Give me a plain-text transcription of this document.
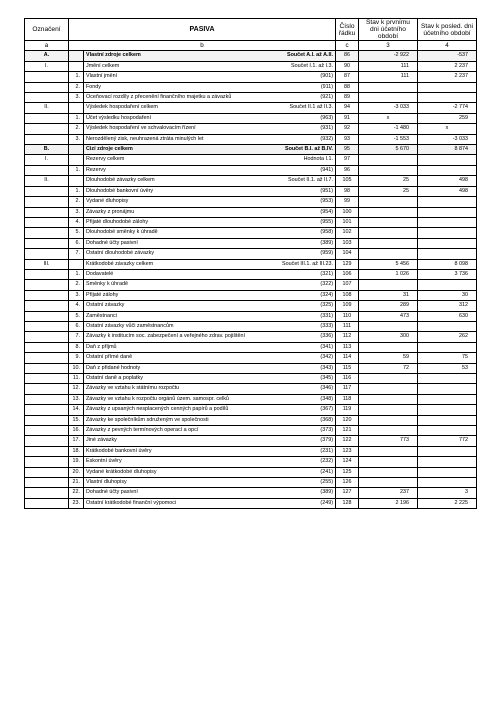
Označení	PASIVA		Číslo řádku	Stav k prvnímu dni účetního období	Stav k posled. dni účetního období
a	b		c	3	4
A.		Vlastní zdroje celkem Součet A.I. až A.II.	86	-2 922	-537
I.		Jmění celkem Součet I.1. až I.3.	90	111	2 237
	1.	Vlastní jmění (901)	87	111	2 237
	2.	Fondy (911)	88		
	3.	Oceňovací rozdíly z přecenění finančního majetku a závazků (921)	89		
II.		Výsledek hospodaření celkem Součet II.1 až II.3.	94	-3 033	-2 774
	1.	Účet výsledku hospodaření (963)	91	x	259
	2.	Výsledek hospodaření ve schvalovacím řízení (931)	92	-1 480	x
	3.	Nerozdělený zisk, neuhrazená ztráta minulých let (932)	93	-1 553	-3 033
B.		Cizí zdroje celkem Součet B.I. až B.IV.	95	5 670	8 874
I.		Rezervy celkem Hodnota I.1.	97		
	1.	Rezervy (941)	96		
II.		Dlouhodobé závazky celkem Součet II.1. až II.7.	105	25	498
	1.	Dlouhodobé bankovní úvěry (951)	98	25	498
	2.	Vydané dluhopisy (953)	99		
	3.	Závazky z pronájmu (954)	100		
	4.	Přijaté dlouhodobé zálohy (955)	101		
	5.	Dlouhodobé směnky k úhradě (958)	102		
	6.	Dohadné účty pasivní (389)	103		
	7.	Ostatní dlouhodobé závazky (959)	104		
III.		Krátkodobé závazky celkem Součet III.1. až III.23.	129	5 456	8 098
	1.	Dodavatelé (321)	106	1 026	3 736
	2.	Směnky k úhradě (322)	107		
	3.	Přijaté zálohy (324)	108	31	30
	4.	Ostatní závazky (325)	109	289	312
	5.	Zaměstnanci (331)	110	473	630
	6.	Ostatní závazky vůči zaměstnancům (333)	111		
	7.	Závazky k institucím soc. zabezpečení a veřejného zdrav. pojištění (336)	112	300	262
	8.	Daň z příjmů (341)	113		
	9.	Ostatní přímé daně (342)	114	59	75
	10.	Daň z přidané hodnoty (343)	115	72	53
	11.	Ostatní daně a poplatky (345)	116		
	12.	Závazky ve vztahu k státnímu rozpočtu (346)	117		
	13.	Závazky ve vztahu k rozpočtu orgánů územ. samospr. celků (348)	118		
	14.	Závazky z upsaných nesplacených cenných papírů a podílů (367)	119		
	15.	Závazky ke společníkům sdruženým ve společnosti (368)	120		
	16.	Závazky z pevných termínových operací a opcí (373)	121		
	17.	Jiné závazky (379)	122	773	772
	18.	Krátkodobé bankovní úvěry (231)	123		
	19.	Eskontní úvěry (232)	124		
	20.	Vydané krátkodobé dluhopisy (241)	125		
	21.	Vlastní dluhopisy (255)	126		
	22.	Dohadné účty pasivní (389)	127	237	3
	23.	Ostatní krátkodobé finanční výpomoci (249)	128	2 196	2 225
